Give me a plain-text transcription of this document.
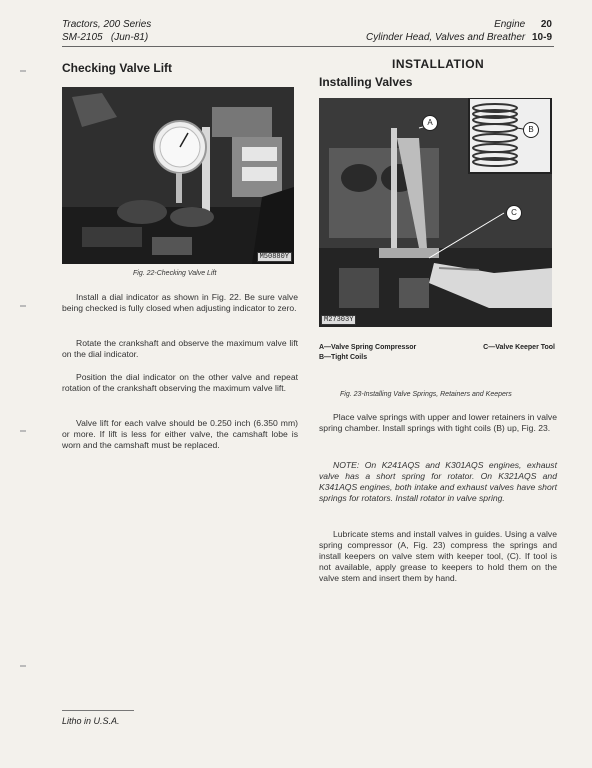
Tractors, 200 Series
SM-2105   (Jun-81)
Engine 20
Cylinder Head, Valves and Breather 10-9
Checking Valve Lift
M50880Y
Fig. 22-Checking Valve Lift
Install a dial indicator as shown in Fig. 22. Be sure valve being checked is fully closed when adjusting indicator to zero.
Rotate the crankshaft and observe the maximum valve lift on the dial indicator.
Position the dial indicator on the other valve and repeat rotation of the crankshaft observing the maximum valve lift.
Valve lift for each valve should be 0.250 inch (6.350 mm) or more. If lift is less for either valve, the camshaft lobe is worn and the camshaft must be replaced.
INSTALLATION
Installing Valves
A
B
C
M27303Y
A—Valve Spring Compressor	C—Valve Keeper Tool
B—Tight Coils
Fig. 23-Installing Valve Springs, Retainers and Keepers
Place valve springs with upper and lower retainers in valve spring chamber. Install springs with tight coils (B) up, Fig. 23.
NOTE: On K241AQS and K301AQS engines, exhaust valve has a short spring for rotator. On K321AQS and K341AQS engines, both intake and exhaust valves have short springs for rotators. Install rotator in valve spring.
Lubricate stems and install valves in guides. Using a valve spring compressor (A, Fig. 23) compress the springs and install keepers on valve stem with keeper tool, (C). If tool is not available, apply grease to keepers to hold them on the valve stem and insert them by hand.
Litho in U.S.A.
